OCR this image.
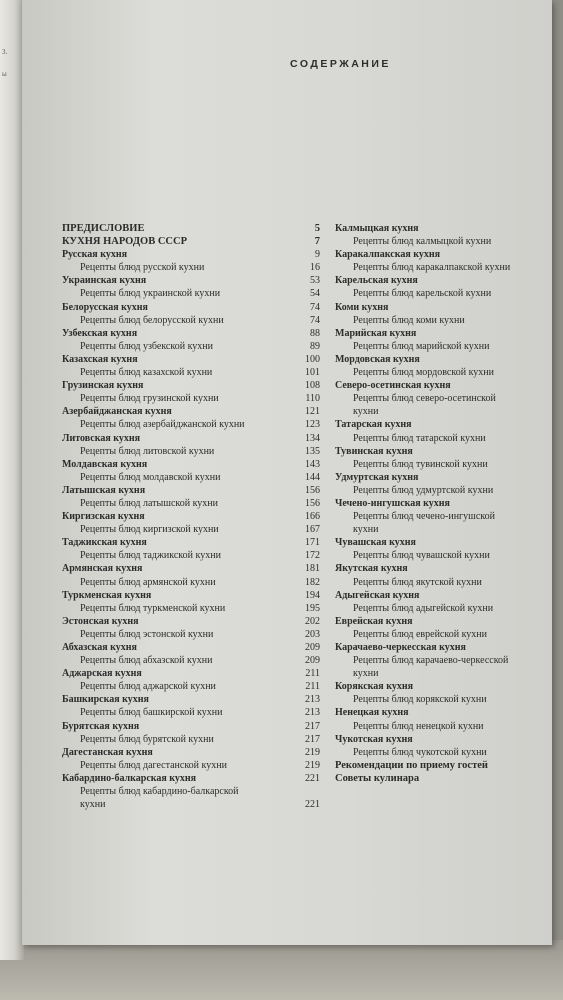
3.
ы
СОДЕРЖАНИЕ
ПРЕДИСЛОВИЕ	5
КУХНЯ НАРОДОВ СССР	7
Русская кухня	9
Рецепты блюд русской кухни	16
Украинская кухня	53
Рецепты блюд украинской кухни	54
Белорусская кухня	74
Рецепты блюд белорусской кухни	74
Узбекская кухня	88
Рецепты блюд узбекской кухни	89
Казахская кухня	100
Рецепты блюд казахской кухни	101
Грузинская кухня	108
Рецепты блюд грузинской кухни	110
Азербайджанская кухня	121
Рецепты блюд азербайджанской кухни	123
Литовская кухня	134
Рецепты блюд литовской кухни	135
Молдавская кухня	143
Рецепты блюд молдавской кухни	144
Латышская кухня	156
Рецепты блюд латышской кухни	156
Киргизская кухня	166
Рецепты блюд киргизской кухни	167
Таджикская кухня	171
Рецепты блюд таджикской кухни	172
Армянская кухня	181
Рецепты блюд армянской кухни	182
Туркменская кухня	194
Рецепты блюд туркменской кухни	195
Эстонская кухня	202
Рецепты блюд эстонской кухни	203
Абхазская кухня	209
Рецепты блюд абхазской кухни	209
Аджарская кухня	211
Рецепты блюд аджарской кухни	211
Башкирская кухня	213
Рецепты блюд башкирской кухни	213
Бурятская кухня	217
Рецепты блюд бурятской кухни	217
Дагестанская кухня	219
Рецепты блюд дагестанской кухни	219
Кабардино-балкарская кухня	221
Рецепты блюд кабардино-балкарской
кухни	221
Калмыцкая кухня
Рецепты блюд калмыцкой кухни
Каракалпакская кухня
Рецепты блюд каракалпакской кухни
Карельская кухня
Рецепты блюд карельской кухни
Коми кухня
Рецепты блюд коми кухни
Марийская кухня
Рецепты блюд марийской кухни
Мордовская кухня
Рецепты блюд мордовской кухни
Северо-осетинская кухня
Рецепты блюд северо-осетинской
кухни
Татарская кухня
Рецепты блюд татарской кухни
Тувинская кухня
Рецепты блюд тувинской кухни
Удмуртская кухня
Рецепты блюд удмуртской кухни
Чечено-ингушская кухня
Рецепты блюд чечено-ингушской
кухни
Чувашская кухня
Рецепты блюд чувашской кухни
Якутская кухня
Рецепты блюд якутской кухни
Адыгейская кухня
Рецепты блюд адыгейской кухни
Еврейская кухня
Рецепты блюд еврейской кухни
Карачаево-черкесская кухня
Рецепты блюд карачаево-черкесской
кухни
Корякская кухня
Рецепты блюд корякской кухни
Ненецкая кухня
Рецепты блюд ненецкой кухни
Чукотская кухня
Рецепты блюд чукотской кухни
Рекомендации по приему гостей
Советы кулинара
